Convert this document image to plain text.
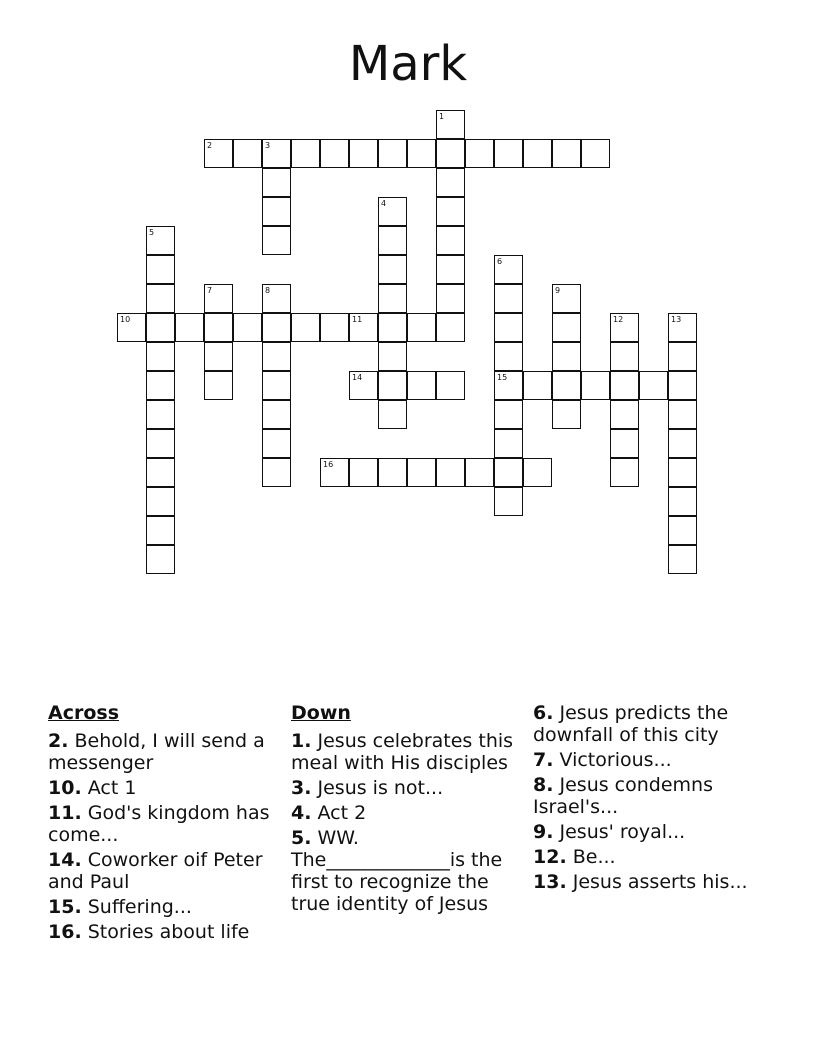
Mark
1
2	3
4
5
6
15
7	8	9
10	11	12	13
14
16
Across
2. Behold, I will send a messenger
10. Act 1
11. God's kingdom has come...
14. Coworker oif Peter and Paul
15. Suffering...
16. Stories about life
Down
1. Jesus celebrates this meal with His disciples
3. Jesus is not...
4. Act 2
5. WW. The_____________is the first to recognize the true identity of Jesus
6. Jesus predicts the downfall of this city
7. Victorious...
8. Jesus condemns Israel's...
9. Jesus' royal...
12. Be...
13. Jesus asserts his...
